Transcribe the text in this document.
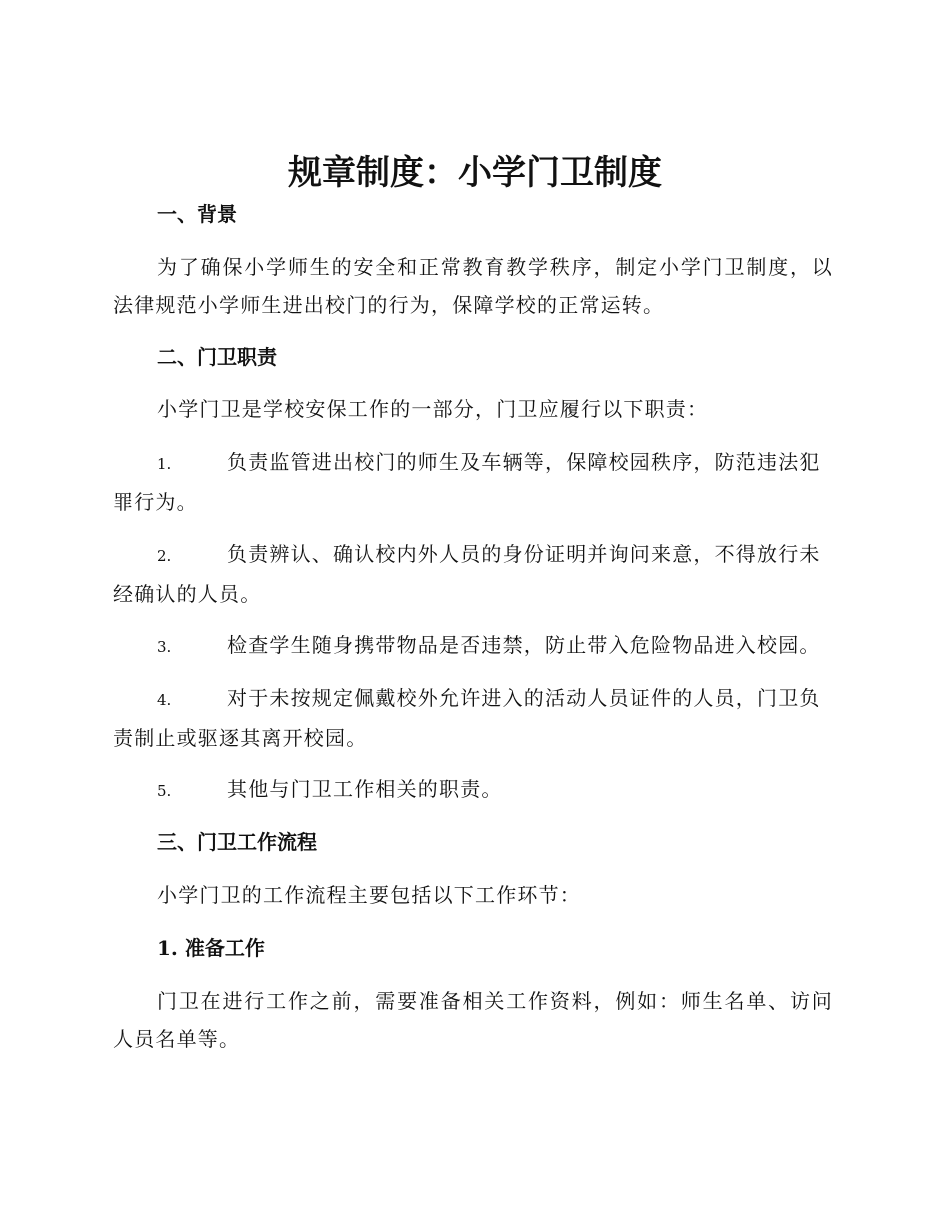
规章制度：小学门卫制度
一、背景
为了确保小学师生的安全和正常教育教学秩序，制定小学门卫制度，以法律规范小学师生进出校门的行为，保障学校的正常运转。
二、门卫职责
小学门卫是学校安保工作的一部分，门卫应履行以下职责：
1.	负责监管进出校门的师生及车辆等，保障校园秩序，防范违法犯罪行为。
2.	负责辨认、确认校内外人员的身份证明并询问来意，不得放行未经确认的人员。
3.	检查学生随身携带物品是否违禁，防止带入危险物品进入校园。
4.	对于未按规定佩戴校外允许进入的活动人员证件的人员，门卫负责制止或驱逐其离开校园。
5.	其他与门卫工作相关的职责。
三、门卫工作流程
小学门卫的工作流程主要包括以下工作环节：
1. 准备工作
门卫在进行工作之前，需要准备相关工作资料，例如：师生名单、访问人员名单等。
